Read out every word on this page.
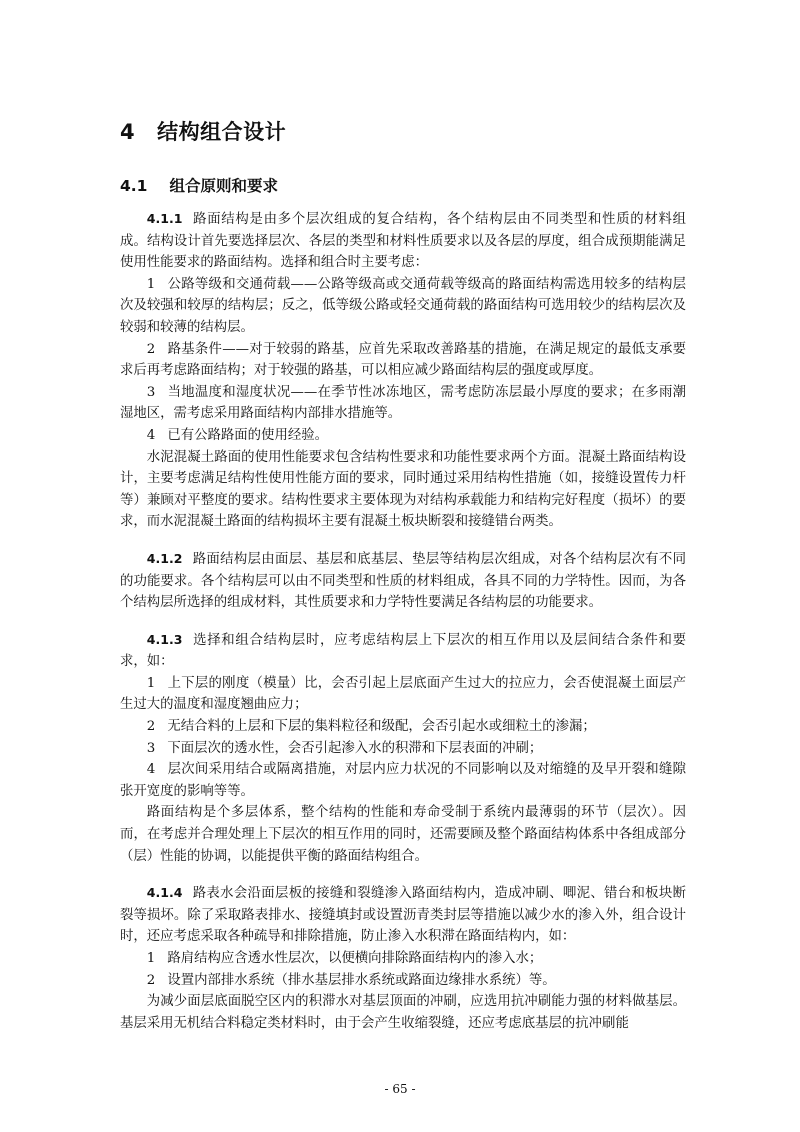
4 结构组合设计
4.1 组合原则和要求

4.1.1 路面结构是由多个层次组成的复合结构，各个结构层由不同类型和性质的材料组成。结构设计首先要选择层次、各层的类型和材料性质要求以及各层的厚度，组合成预期能满足使用性能要求的路面结构。选择和组合时主要考虑：

1 公路等级和交通荷载——公路等级高或交通荷载等级高的路面结构需选用较多的结构层次及较强和较厚的结构层；反之，低等级公路或轻交通荷载的路面结构可选用较少的结构层次及较弱和较薄的结构层。

2 路基条件——对于较弱的路基，应首先采取改善路基的措施，在满足规定的最低支承要求后再考虑路面结构；对于较强的路基，可以相应减少路面结构层的强度或厚度。

3 当地温度和湿度状况——在季节性冰冻地区，需考虑防冻层最小厚度的要求；在多雨潮湿地区，需考虑采用路面结构内部排水措施等。

4 已有公路路面的使用经验。

水泥混凝土路面的使用性能要求包含结构性要求和功能性要求两个方面。混凝土路面结构设计，主要考虑满足结构性使用性能方面的要求，同时通过采用结构性措施（如，接缝设置传力杆等）兼顾对平整度的要求。结构性要求主要体现为对结构承载能力和结构完好程度（损坏）的要求，而水泥混凝土路面的结构损坏主要有混凝土板块断裂和接缝错台两类。

4.1.2 路面结构层由面层、基层和底基层、垫层等结构层次组成，对各个结构层次有不同的功能要求。各个结构层可以由不同类型和性质的材料组成，各具不同的力学特性。因而，为各个结构层所选择的组成材料，其性质要求和力学特性要满足各结构层的功能要求。

4.1.3 选择和组合结构层时，应考虑结构层上下层次的相互作用以及层间结合条件和要求，如：

1 上下层的刚度（模量）比，会否引起上层底面产生过大的拉应力，会否使混凝土面层产生过大的温度和湿度翘曲应力；

2 无结合料的上层和下层的集料粒径和级配，会否引起水或细粒土的渗漏；

3 下面层次的透水性，会否引起渗入水的积滞和下层表面的冲刷；

4 层次间采用结合或隔离措施，对层内应力状况的不同影响以及对缩缝的及早开裂和缝隙张开宽度的影响等等。

路面结构是个多层体系，整个结构的性能和寿命受制于系统内最薄弱的环节（层次）。因而，在考虑并合理处理上下层次的相互作用的同时，还需要顾及整个路面结构体系中各组成部分（层）性能的协调，以能提供平衡的路面结构组合。

4.1.4 路表水会沿面层板的接缝和裂缝渗入路面结构内，造成冲刷、唧泥、错台和板块断裂等损坏。除了采取路表排水、接缝填封或设置沥青类封层等措施以减少水的渗入外，组合设计时，还应考虑采取各种疏导和排除措施，防止渗入水积滞在路面结构内，如：

1 路肩结构应含透水性层次，以便横向排除路面结构内的渗入水；

2 设置内部排水系统（排水基层排水系统或路面边缘排水系统）等。

为减少面层底面脱空区内的积滞水对基层顶面的冲刷，应选用抗冲刷能力强的材料做基层。基层采用无机结合料稳定类材料时，由于会产生收缩裂缝，还应考虑底基层的抗冲刷能

- 65 -
